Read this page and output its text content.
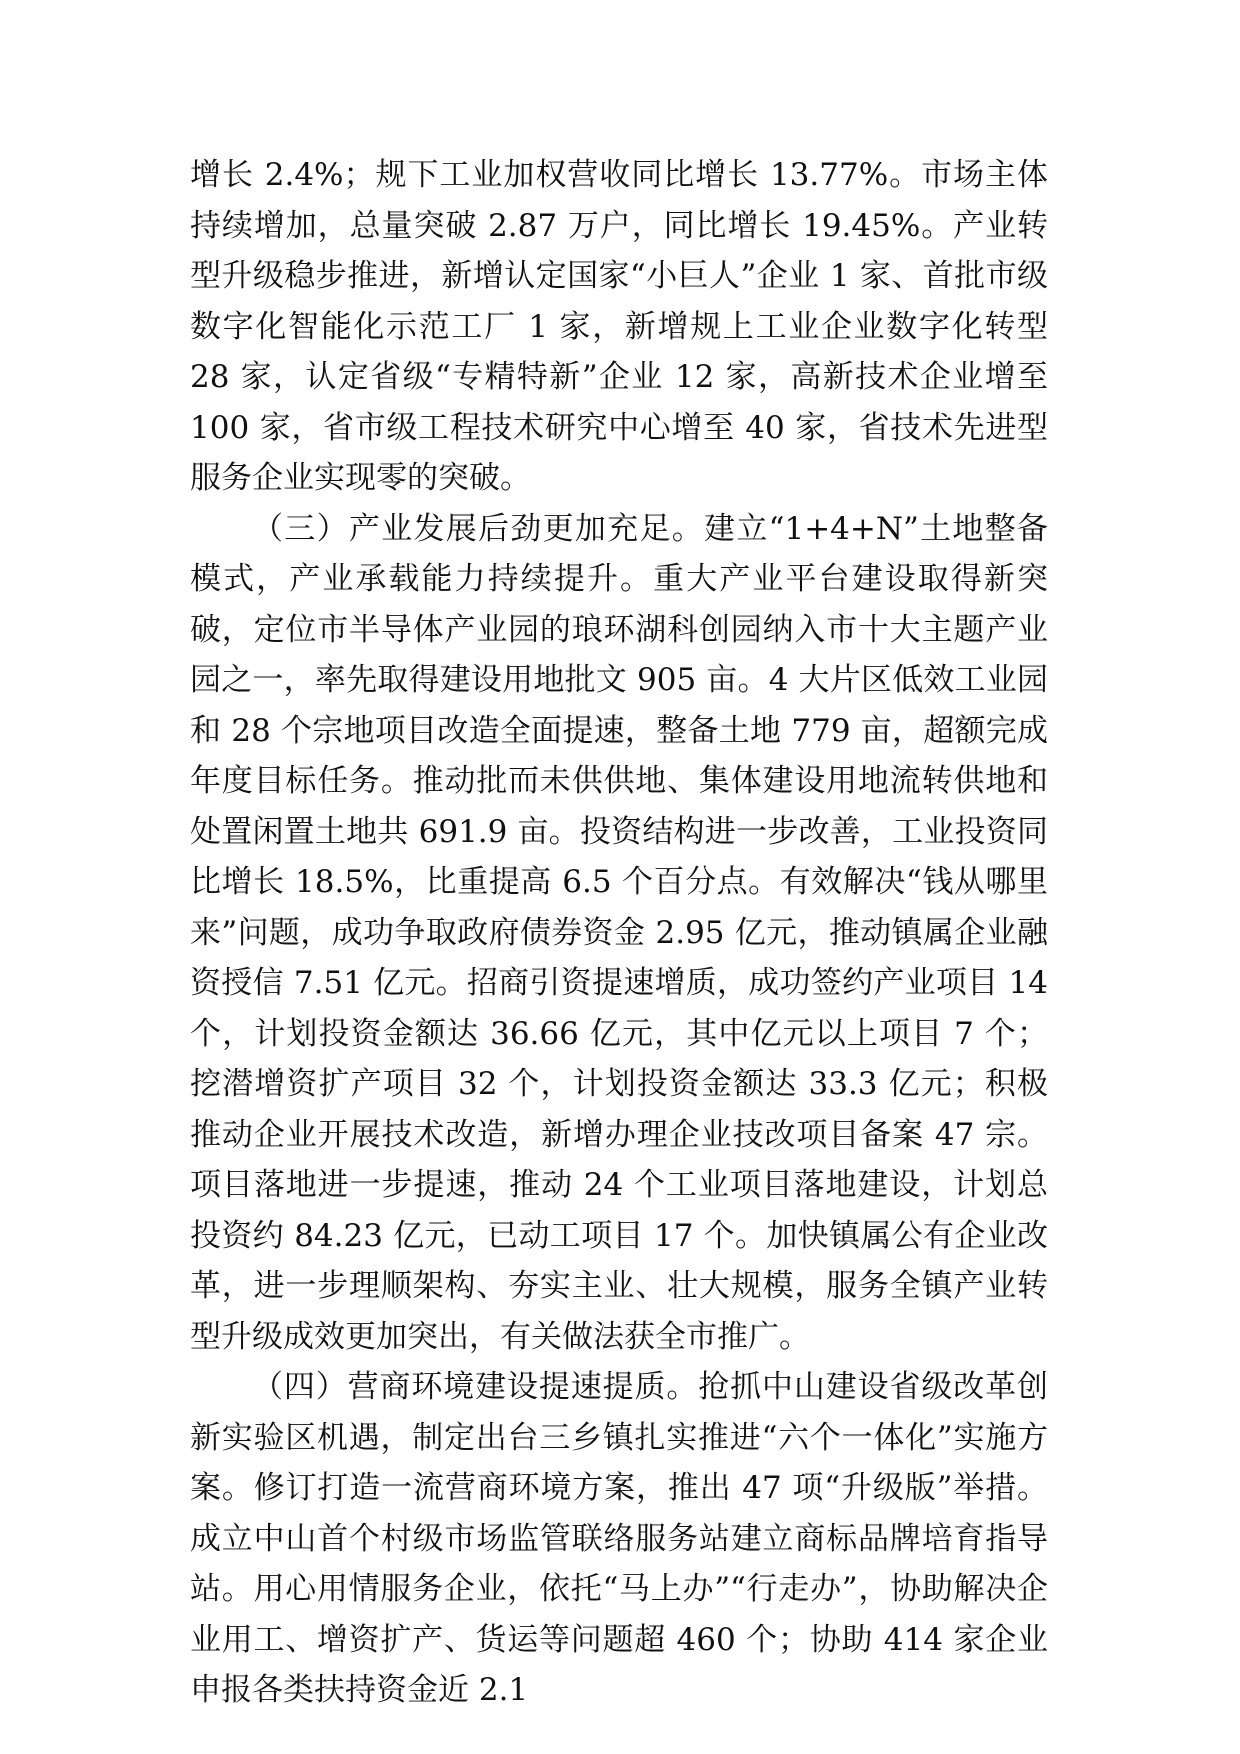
增长 2.4%；规下工业加权营收同比增长 13.77%。市场主体持续增加，总量突破 2.87 万户，同比增长 19.45%。产业转型升级稳步推进，新增认定国家“小巨人”企业 1 家、首批市级数字化智能化示范工厂 1 家，新增规上工业企业数字化转型 28 家，认定省级“专精特新”企业 12 家，高新技术企业增至 100 家，省市级工程技术研究中心增至 40 家，省技术先进型服务企业实现零的突破。

（三）产业发展后劲更加充足。建立“1+4+N”土地整备模式，产业承载能力持续提升。重大产业平台建设取得新突破，定位市半导体产业园的琅环湖科创园纳入市十大主题产业园之一，率先取得建设用地批文 905 亩。4 大片区低效工业园和 28 个宗地项目改造全面提速，整备土地 779 亩，超额完成年度目标任务。推动批而未供供地、集体建设用地流转供地和处置闲置土地共 691.9 亩。投资结构进一步改善，工业投资同比增长 18.5%，比重提高 6.5 个百分点。有效解决“钱从哪里来”问题，成功争取政府债券资金 2.95 亿元，推动镇属企业融资授信 7.51 亿元。招商引资提速增质，成功签约产业项目 14 个，计划投资金额达 36.66 亿元，其中亿元以上项目 7 个；挖潜增资扩产项目 32 个，计划投资金额达 33.3 亿元；积极推动企业开展技术改造，新增办理企业技改项目备案 47 宗。项目落地进一步提速，推动 24 个工业项目落地建设，计划总投资约 84.23 亿元，已动工项目 17 个。加快镇属公有企业改革，进一步理顺架构、夯实主业、壮大规模，服务全镇产业转型升级成效更加突出，有关做法获全市推广。

（四）营商环境建设提速提质。抢抓中山建设省级改革创新实验区机遇，制定出台三乡镇扎实推进“六个一体化”实施方案。修订打造一流营商环境方案，推出 47 项“升级版”举措。成立中山首个村级市场监管联络服务站建立商标品牌培育指导站。用心用情服务企业，依托“马上办”“行走办”，协助解决企业用工、增资扩产、货运等问题超 460 个；协助 414 家企业申报各类扶持资金近 2.1
